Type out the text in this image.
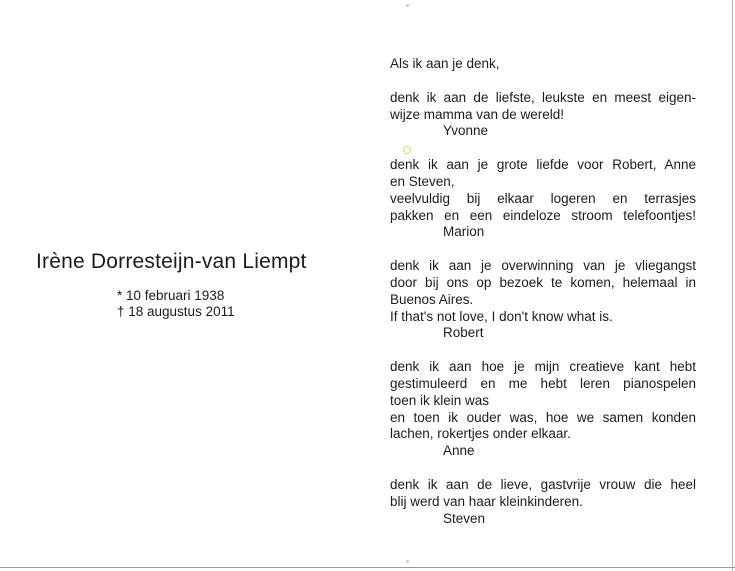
Irène Dorresteijn-van Liempt
* 10 februari 1938
† 18 augustus 2011
Als ik aan je denk,
denk ik aan de liefste, leukste en meest eigen-
wijze mamma van de wereld!
Yvonne
denk ik aan je grote liefde voor Robert, Anne
en Steven,
veelvuldig bij elkaar logeren en terrasjes
pakken en een eindeloze stroom telefoontjes!
Marion
denk ik aan je overwinning van je vliegangst
door bij ons op bezoek te komen, helemaal in
Buenos Aires.
If that's not love, I don't know what is.
Robert
denk ik aan hoe je mijn creatieve kant hebt
gestimuleerd en me hebt leren pianospelen
toen ik klein was
en toen ik ouder was, hoe we samen konden
lachen, rokertjes onder elkaar.
Anne
denk ik aan de lieve, gastvrije vrouw die heel
blij werd van haar kleinkinderen.
Steven
